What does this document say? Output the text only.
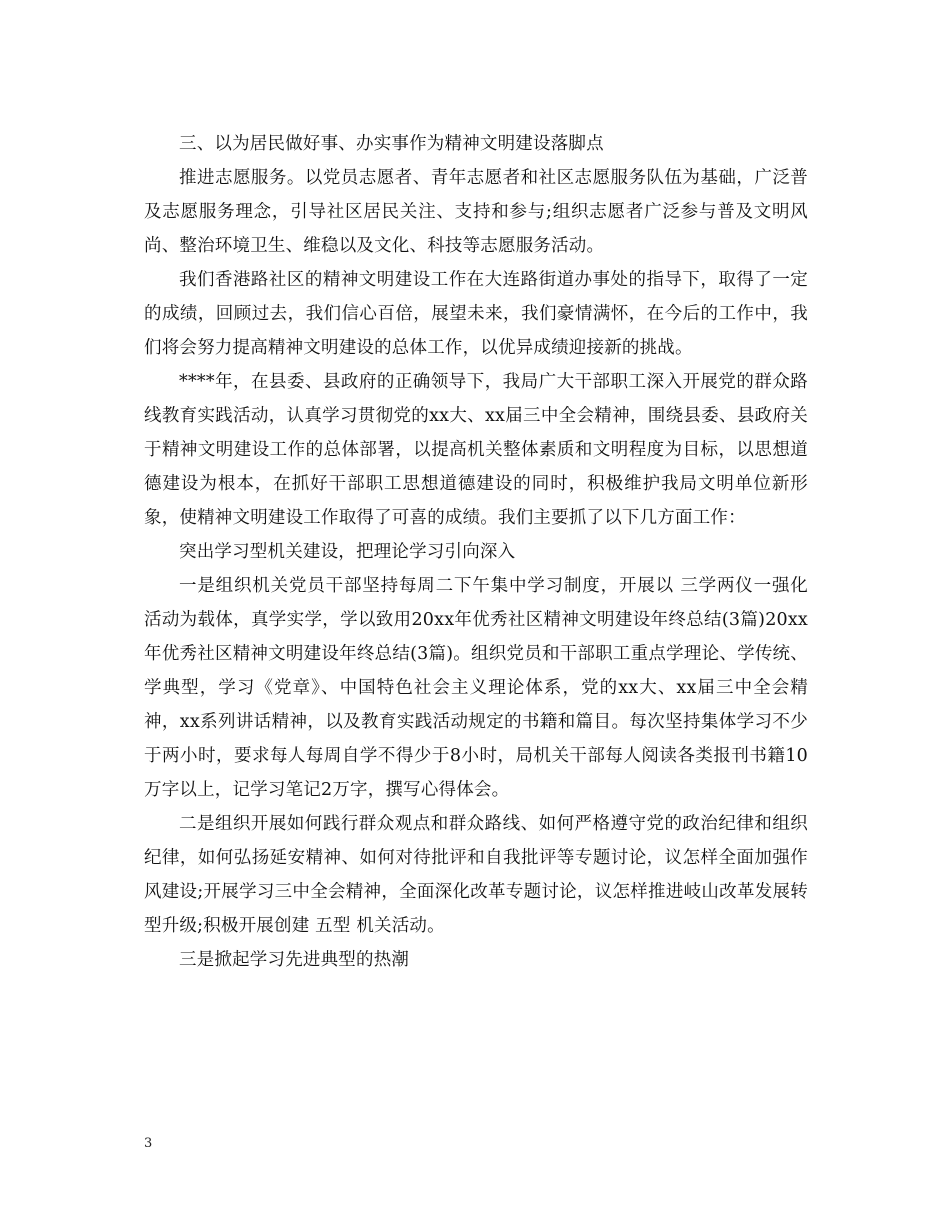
三、以为居民做好事、办实事作为精神文明建设落脚点

推进志愿服务。以党员志愿者、青年志愿者和社区志愿服务队伍为基础，广泛普及志愿服务理念，引导社区居民关注、支持和参与;组织志愿者广泛参与普及文明风尚、整治环境卫生、维稳以及文化、科技等志愿服务活动。

我们香港路社区的精神文明建设工作在大连路街道办事处的指导下，取得了一定的成绩，回顾过去，我们信心百倍，展望未来，我们豪情满怀，在今后的工作中，我们将会努力提高精神文明建设的总体工作，以优异成绩迎接新的挑战。

****年，在县委、县政府的正确领导下，我局广大干部职工深入开展党的群众路线教育实践活动，认真学习贯彻党的xx大、xx届三中全会精神，围绕县委、县政府关于精神文明建设工作的总体部署，以提高机关整体素质和文明程度为目标，以思想道德建设为根本，在抓好干部职工思想道德建设的同时，积极维护我局文明单位新形象，使精神文明建设工作取得了可喜的成绩。我们主要抓了以下几方面工作：

突出学习型机关建设，把理论学习引向深入

一是组织机关党员干部坚持每周二下午集中学习制度，开展以 三学两仪一强化 活动为载体，真学实学，学以致用20xx年优秀社区精神文明建设年终总结(3篇)20xx年优秀社区精神文明建设年终总结(3篇)。组织党员和干部职工重点学理论、学传统、学典型，学习《党章》、中国特色社会主义理论体系，党的xx大、xx届三中全会精神，xx系列讲话精神，以及教育实践活动规定的书籍和篇目。每次坚持集体学习不少于两小时，要求每人每周自学不得少于8小时，局机关干部每人阅读各类报刊书籍10万字以上，记学习笔记2万字，撰写心得体会。

二是组织开展如何践行群众观点和群众路线、如何严格遵守党的政治纪律和组织纪律，如何弘扬延安精神、如何对待批评和自我批评等专题讨论，议怎样全面加强作风建设;开展学习三中全会精神，全面深化改革专题讨论，议怎样推进岐山改革发展转型升级;积极开展创建 五型 机关活动。

三是掀起学习先进典型的热潮

3
